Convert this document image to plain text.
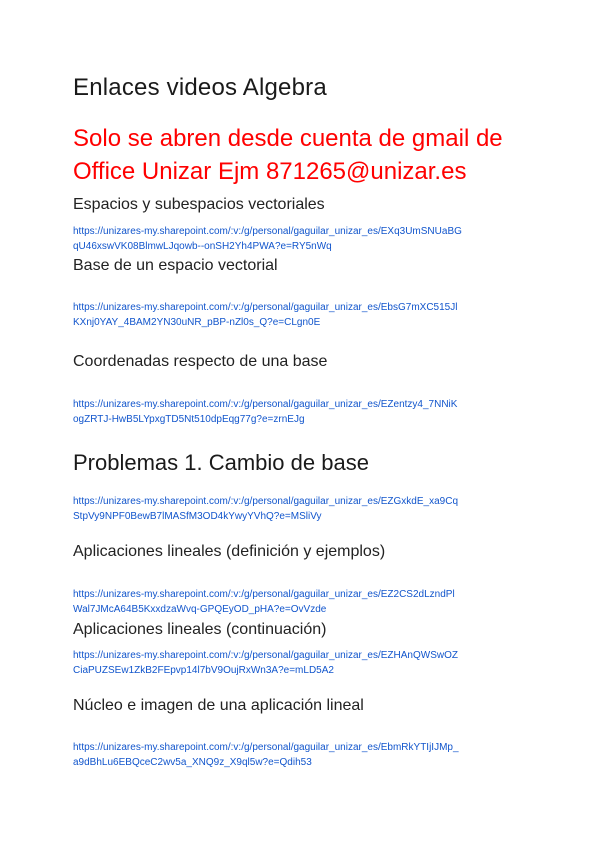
Enlaces videos Algebra
Solo se abren desde cuenta de gmail de
Office Unizar Ejm 871265@unizar.es
Espacios y subespacios vectoriales
https://unizares-my.sharepoint.com/:v:/g/personal/gaguilar_unizar_es/EXq3UmSNUaBG
qU46xswVK08BlmwLJqowb--onSH2Yh4PWA?e=RY5nWq
Base de un espacio vectorial
https://unizares-my.sharepoint.com/:v:/g/personal/gaguilar_unizar_es/EbsG7mXC515Jl
KXnj0YAY_4BAM2YN30uNR_pBP-nZl0s_Q?e=CLgn0E
Coordenadas respecto de una base
https://unizares-my.sharepoint.com/:v:/g/personal/gaguilar_unizar_es/EZentzy4_7NNiK
ogZRTJ-HwB5LYpxgTD5Nt510dpEqg77g?e=zrnEJg
Problemas 1. Cambio de base
https://unizares-my.sharepoint.com/:v:/g/personal/gaguilar_unizar_es/EZGxkdE_xa9Cq
StpVy9NPF0BewB7lMASfM3OD4kYwyYVhQ?e=MSliVy
Aplicaciones lineales (definición y ejemplos)
https://unizares-my.sharepoint.com/:v:/g/personal/gaguilar_unizar_es/EZ2CS2dLzndPl
Wal7JMcA64B5KxxdzaWvq-GPQEyOD_pHA?e=OvVzde
Aplicaciones lineales (continuación)
https://unizares-my.sharepoint.com/:v:/g/personal/gaguilar_unizar_es/EZHAnQWSwOZ
CiaPUZSEw1ZkB2FEpvp14l7bV9OujRxWn3A?e=mLD5A2
Núcleo e imagen de una aplicación lineal
https://unizares-my.sharepoint.com/:v:/g/personal/gaguilar_unizar_es/EbmRkYTIjIJMp_
a9dBhLu6EBQceC2wv5a_XNQ9z_X9ql5w?e=Qdih53
